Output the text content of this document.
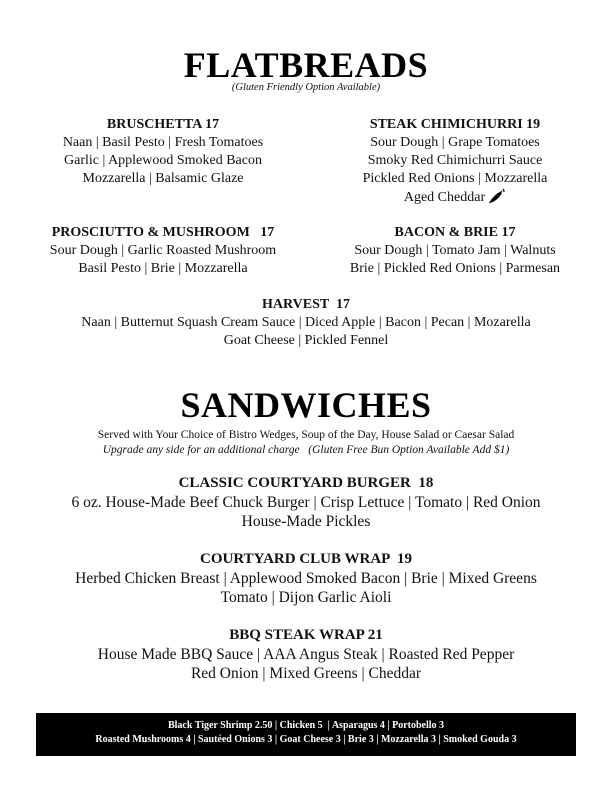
FLATBREADS
(Gluten Friendly Option Available)
BRUSCHETTA 17
Naan | Basil Pesto | Fresh Tomatoes
Garlic | Applewood Smoked Bacon
Mozzarella | Balsamic Glaze
STEAK CHIMICHURRI 19
Sour Dough | Grape Tomatoes
Smoky Red Chimichurri Sauce
Pickled Red Onions | Mozzarella
Aged Cheddar
PROSCIUTTO & MUSHROOM   17
Sour Dough | Garlic Roasted Mushroom
Basil Pesto | Brie | Mozzarella
BACON & BRIE 17
Sour Dough | Tomato Jam | Walnuts
Brie | Pickled Red Onions | Parmesan
HARVEST  17
Naan | Butternut Squash Cream Sauce | Diced Apple | Bacon | Pecan | Mozarella
Goat Cheese | Pickled Fennel
SANDWICHES
Served with Your Choice of Bistro Wedges, Soup of the Day, House Salad or Caesar Salad
Upgrade any side for an additional charge   (Gluten Free Bun Option Available Add $1)
CLASSIC COURTYARD BURGER  18
6 oz. House-Made Beef Chuck Burger | Crisp Lettuce | Tomato | Red Onion
House-Made Pickles
COURTYARD CLUB WRAP  19
Herbed Chicken Breast | Applewood Smoked Bacon | Brie | Mixed Greens
Tomato | Dijon Garlic Aioli
BBQ STEAK WRAP 21
House Made BBQ Sauce | AAA Angus Steak | Roasted Red Pepper
Red Onion | Mixed Greens | Cheddar
Black Tiger Shrimp 2.50 | Chicken 5  | Asparagus 4 | Portobello 3
Roasted Mushrooms 4 | Sautéed Onions 3 | Goat Cheese 3 | Brie 3 | Mozzarella 3 | Smoked Gouda 3
